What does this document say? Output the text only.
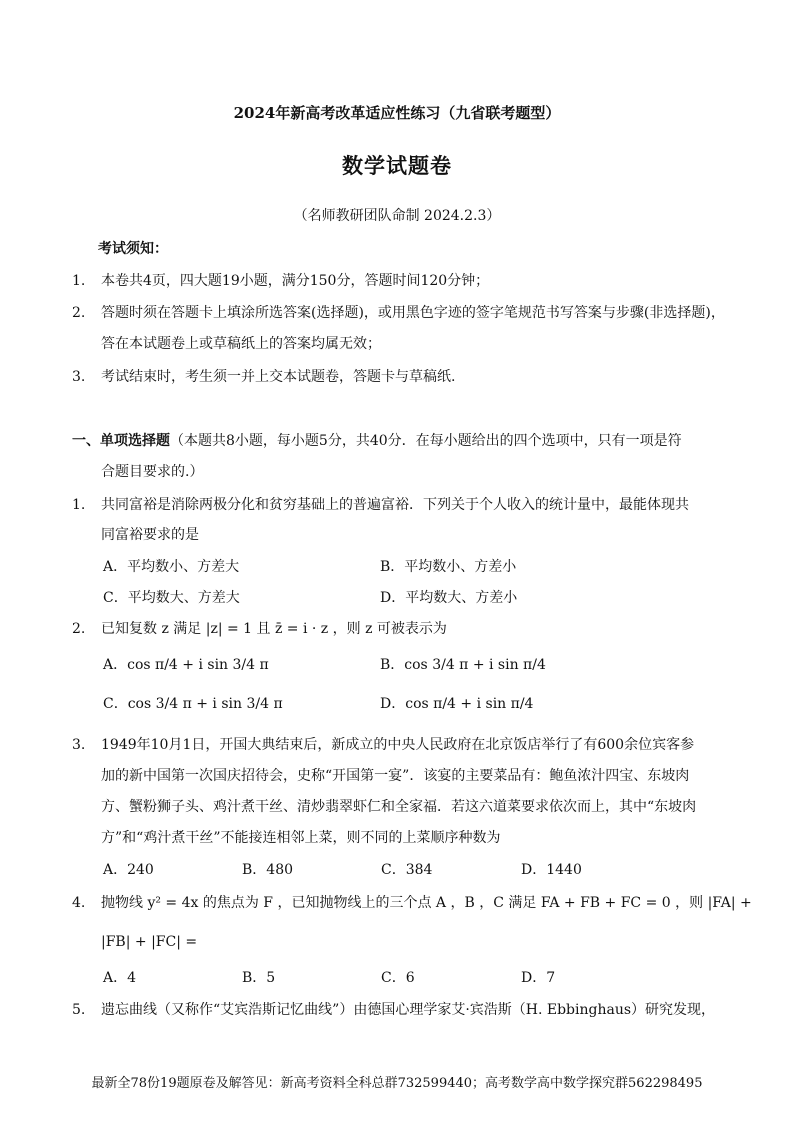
2024年新高考改革适应性练习（九省联考题型）
数学试题卷
（名师教研团队命制 2024.2.3）
考试须知：
1. 本卷共4页，四大题19小题，满分150分，答题时间120分钟；
2. 答题时须在答题卡上填涂所选答案(选择题)，或用黑色字迹的签字笔规范书写答案与步骤(非选择题)，
答在本试题卷上或草稿纸上的答案均属无效；
3. 考试结束时，考生须一并上交本试题卷，答题卡与草稿纸.
一、单项选择题（本题共8小题，每小题5分，共40分．在每小题给出的四个选项中，只有一项是符
合题目要求的.）
1. 共同富裕是消除两极分化和贫穷基础上的普遍富裕．下列关于个人收入的统计量中，最能体现共
同富裕要求的是
A．平均数小、方差大	B．平均数小、方差小
C．平均数大、方差大	D．平均数大、方差小
2. 已知复数 z 满足 |z| = 1 且 z̄ = i · z ，则 z 可被表示为
A．cos π/4 + i sin 3/4 π	B．cos 3/4 π + i sin π/4
C．cos 3/4 π + i sin 3/4 π	D．cos π/4 + i sin π/4
3. 1949年10月1日，开国大典结束后，新成立的中央人民政府在北京饭店举行了有600余位宾客参
加的新中国第一次国庆招待会，史称“开国第一宴”．该宴的主要菜品有：鲍鱼浓汁四宝、东坡肉
方、蟹粉狮子头、鸡汁煮干丝、清炒翡翠虾仁和全家福．若这六道菜要求依次而上，其中“东坡肉
方”和“鸡汁煮干丝”不能接连相邻上菜，则不同的上菜顺序种数为
A．240	B．480	C．384	D．1440
4. 抛物线 y² = 4x 的焦点为 F ，已知抛物线上的三个点 A ，B ，C 满足 FA + FB + FC = 0 ，则 |FA| +
|FB| + |FC| =
A．4	B．5	C．6	D．7
5. 遗忘曲线（又称作“艾宾浩斯记忆曲线”）由德国心理学家艾·宾浩斯（H. Ebbinghaus）研究发现，
最新全78份19题原卷及解答见：新高考资料全科总群732599440；高考数学高中数学探究群562298495
